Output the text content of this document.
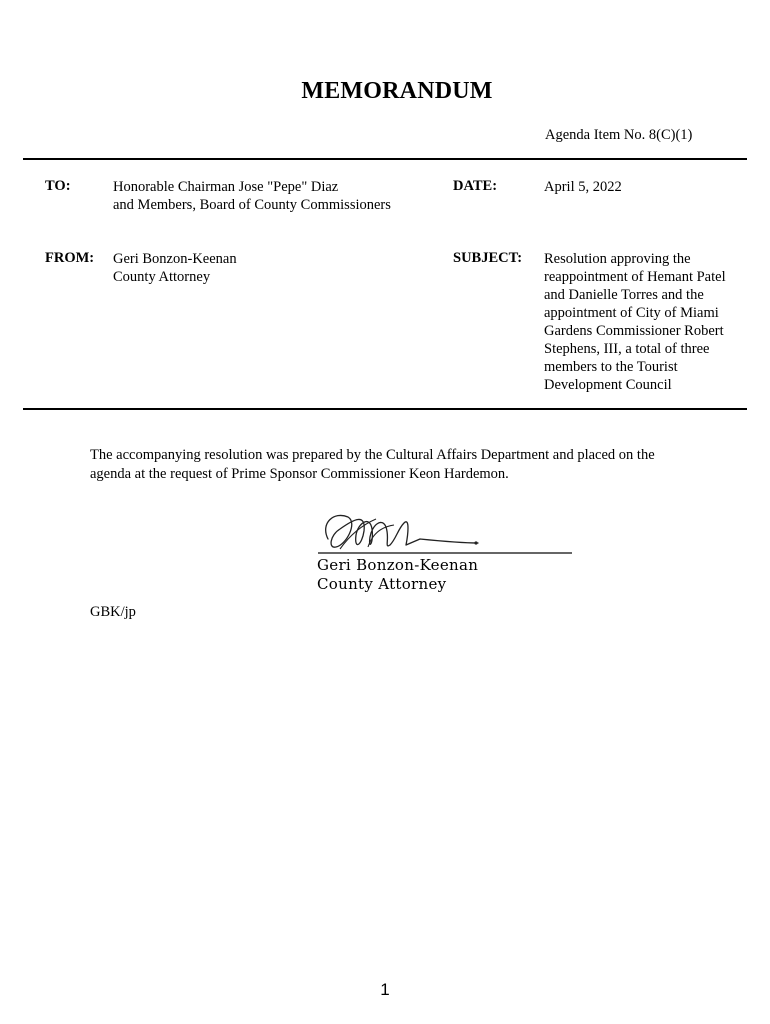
MEMORANDUM
Agenda Item No. 8(C)(1)
TO:	Honorable Chairman Jose "Pepe" Diaz
and Members, Board of County Commissioners
DATE:	April 5, 2022
FROM: Geri Bonzon-Keenan
County Attorney
SUBJECT: Resolution approving the
reappointment of Hemant Patel
and Danielle Torres and the
appointment of City of Miami
Gardens Commissioner Robert
Stephens, III, a total of three
members to the Tourist
Development Council
The accompanying resolution was prepared by the Cultural Affairs Department and placed on the
agenda at the request of Prime Sponsor Commissioner Keon Hardemon.
Geri Bonzon-Keenan
County Attorney
GBK/jp
1
